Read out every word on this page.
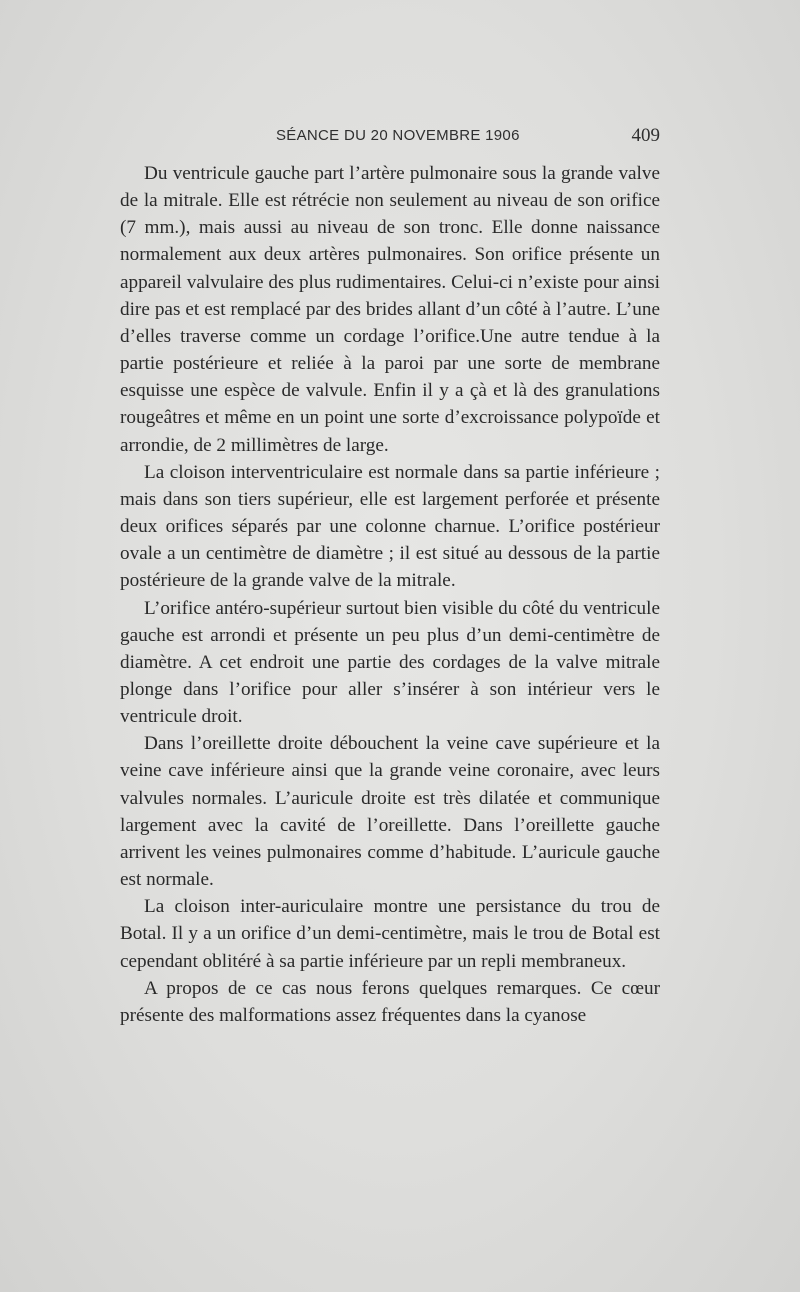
SÉANCE DU 20 NOVEMBRE 1906	409

Du ventricule gauche part l’artère pulmonaire sous la grande valve de la mitrale. Elle est rétrécie non seulement au niveau de son orifice (7 mm.), mais aussi au niveau de son tronc. Elle donne naissance normalement aux deux artères pulmonaires. Son orifice présente un appareil valvulaire des plus rudimentaires. Celui-ci n’existe pour ainsi dire pas et est remplacé par des brides allant d’un côté à l’autre. L’une d’elles traverse comme un cordage l’orifice.Une autre tendue à la partie postérieure et reliée à la paroi par une sorte de membrane esquisse une espèce de valvule. Enfin il y a çà et là des granulations rougeâtres et même en un point une sorte d’excroissance polypoïde et arrondie, de 2 millimètres de large.

La cloison interventriculaire est normale dans sa partie inférieure ; mais dans son tiers supérieur, elle est largement perforée et présente deux orifices séparés par une colonne charnue. L’orifice postérieur ovale a un centimètre de diamètre ; il est situé au dessous de la partie postérieure de la grande valve de la mitrale.

L’orifice antéro-supérieur surtout bien visible du côté du ventricule gauche est arrondi et présente un peu plus d’un demi-centimètre de diamètre. A cet endroit une partie des cordages de la valve mitrale plonge dans l’orifice pour aller s’insérer à son intérieur vers le ventricule droit.

Dans l’oreillette droite débouchent la veine cave supérieure et la veine cave inférieure ainsi que la grande veine coronaire, avec leurs valvules normales. L’auricule droite est très dilatée et communique largement avec la cavité de l’oreillette. Dans l’oreillette gauche arrivent les veines pulmonaires comme d’habitude. L’auricule gauche est normale.

La cloison inter-auriculaire montre une persistance du trou de Botal. Il y a un orifice d’un demi-centimètre, mais le trou de Botal est cependant oblitéré à sa partie inférieure par un repli membraneux.

A propos de ce cas nous ferons quelques remarques. Ce cœur présente des malformations assez fréquentes dans la cyanose
